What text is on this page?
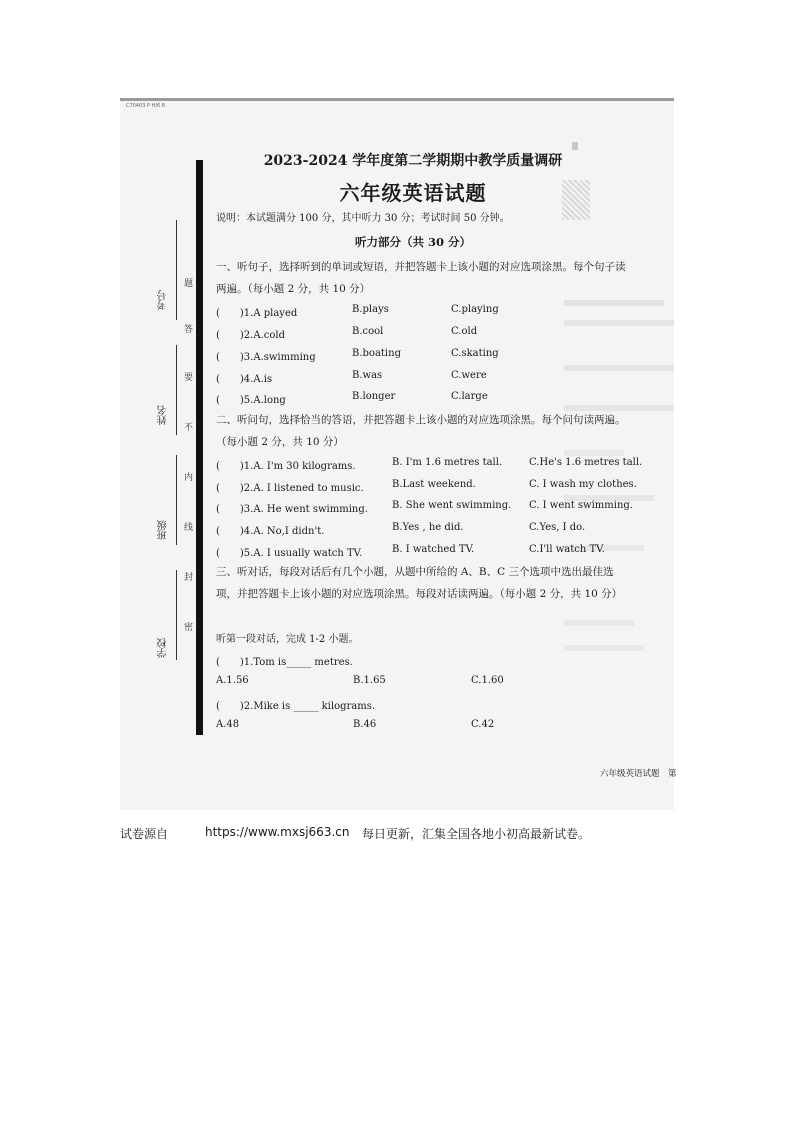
C70403 P H/6 8
考号
姓名
班级
学校
题
答
要
不
内
线
封
密
2023-2024 学年度第二学期期中教学质量调研
六年级英语试题
说明：本试题满分 100 分，其中听力 30 分；考试时间 50 分钟。
听力部分（共 30 分）
一、听句子，选择听到的单词或短语，并把答题卡上该小题的对应选项涂黑。每个句子读两遍。（每小题 2 分，共 10 分）
(　　)1.A played	B.plays	C.playing
(　　)2.A.cold	B.cool	C.old
(　　)3.A.swimming	B.boating	C.skating
(　　)4.A.is	B.was	C.were
(　　)5.A.long	B.longer	C.large
二、听问句，选择恰当的答语，并把答题卡上该小题的对应选项涂黑。每个问句读两遍。（每小题 2 分，共 10 分）
(　　)1.A. I'm 30 kilograms.	B. I'm 1.6 metres tall.	C.He's 1.6 metres tall.
(　　)2.A. I listened to music.	B.Last weekend.	C. I wash my clothes.
(　　)3.A. He went swimming. B. She went swimming. C. I went swimming.
(　　)4.A. No,I didn't.	B.Yes , he did.	C.Yes, I do.
(　　)5.A. I usually watch TV.	B. I watched TV.	C.I'll watch TV.
三、听对话，每段对话后有几个小题，从题中所给的 A、B、C 三个选项中选出最佳选项，并把答题卡上该小题的对应选项涂黑。每段对话读两遍。（每小题 2 分，共 10 分）
听第一段对话，完成 1-2 小题。
(　　)1.Tom is_____ metres.
A.1.56	B.1.65	C.1.60
(　　)2.Mike is _____ kilograms.
A.48	B.46	C.42
六年级英语试题　第
试卷源自	https://www.mxsj663.cn 每日更新，汇集全国各地小初高最新试卷。
